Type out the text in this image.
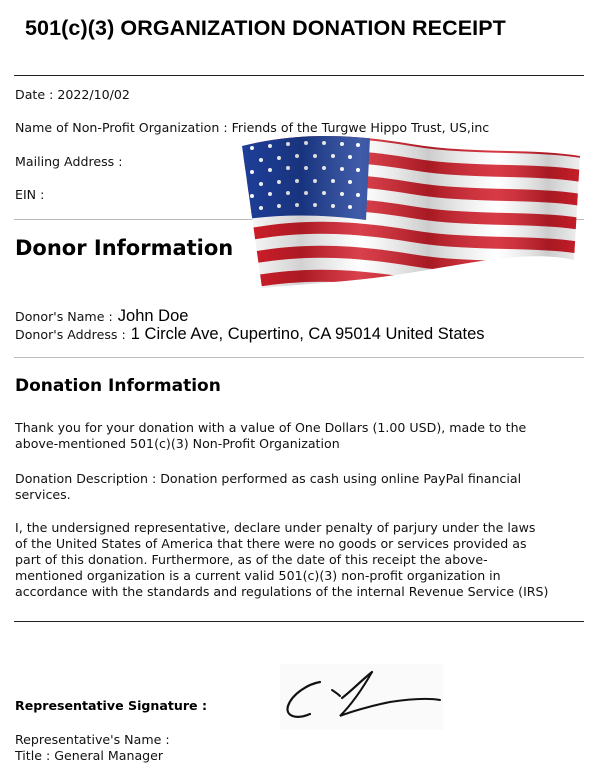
501(c)(3) ORGANIZATION DONATION RECEIPT
Date : 2022/10/02
Name of Non-Profit Organization : Friends of the Turgwe Hippo Trust, US,inc
Mailing Address :
EIN :
Donor Information
Donor's Name : John Doe
Donor's Address : 1 Circle Ave, Cupertino, CA 95014 United States
Donation Information
Thank you for your donation with a value of One Dollars (1.00 USD), made to the
above-mentioned 501(c)(3) Non-Profit Organization
Donation Description : Donation performed as cash using online PayPal financial
services.
I, the undersigned representative, declare under penalty of parjury under the laws
of the United States of America that there were no goods or services provided as
part of this donation. Furthermore, as of the date of this receipt the above-
mentioned organization is a current valid 501(c)(3) non-profit organization in
accordance with the standards and regulations of the internal Revenue Service (IRS)
Representative Signature :
Representative's Name :
Title : General Manager
